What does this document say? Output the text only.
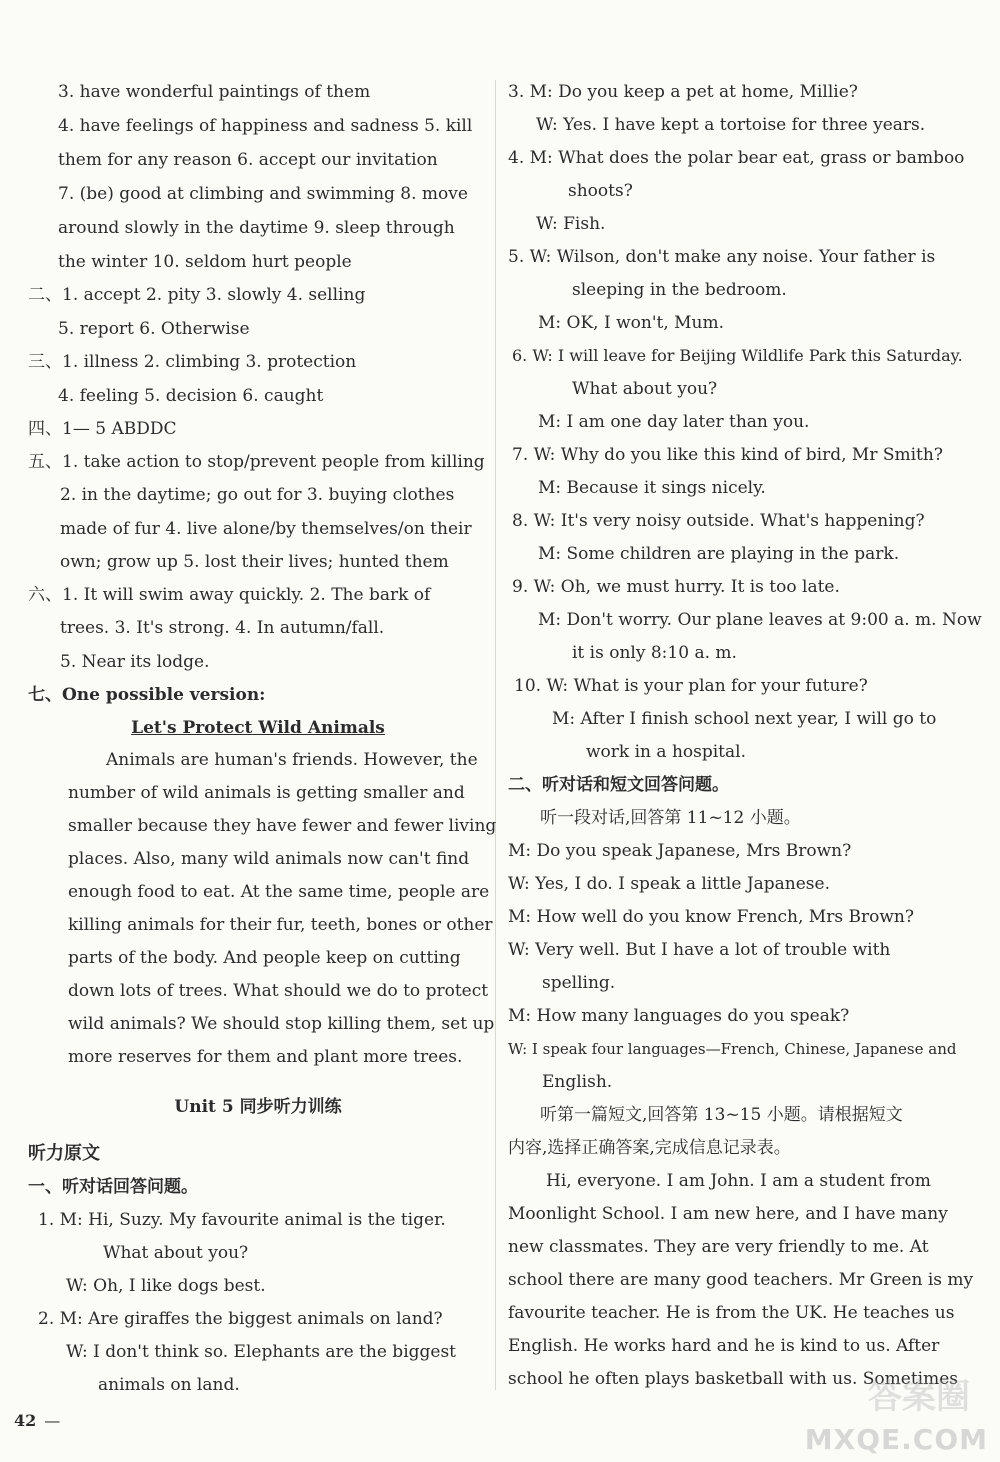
3. have wonderful paintings of them
4. have feelings of happiness and sadness 5. kill
them for any reason 6. accept our invitation
7. (be) good at climbing and swimming 8. move
around slowly in the daytime 9. sleep through
the winter 10. seldom hurt people
二、1. accept 2. pity 3. slowly 4. selling
5. report 6. Otherwise
三、1. illness 2. climbing 3. protection
4. feeling 5. decision 6. caught
四、1— 5 ABDDC
五、1. take action to stop/prevent people from killing
2. in the daytime; go out for 3. buying clothes
made of fur 4. live alone/by themselves/on their
own; grow up 5. lost their lives; hunted them
六、1. It will swim away quickly. 2. The bark of
trees. 3. It's strong. 4. In autumn/fall.
5. Near its lodge.
七、One possible version:
Let's Protect Wild Animals
Animals are human's friends. However, the
number of wild animals is getting smaller and
smaller because they have fewer and fewer living
places. Also, many wild animals now can't find
enough food to eat. At the same time, people are
killing animals for their fur, teeth, bones or other
parts of the body. And people keep on cutting
down lots of trees. What should we do to protect
wild animals? We should stop killing them, set up
more reserves for them and plant more trees.
Unit 5 同步听力训练
听力原文
一、听对话回答问题。
1. M: Hi, Suzy. My favourite animal is the tiger.
What about you?
W: Oh, I like dogs best.
2. M: Are giraffes the biggest animals on land?
W: I don't think so. Elephants are the biggest
animals on land.
3. M: Do you keep a pet at home, Millie?
W: Yes. I have kept a tortoise for three years.
4. M: What does the polar bear eat, grass or bamboo
shoots?
W: Fish.
5. W: Wilson, don't make any noise. Your father is
sleeping in the bedroom.
M: OK, I won't, Mum.
6. W: I will leave for Beijing Wildlife Park this Saturday.
What about you?
M: I am one day later than you.
7. W: Why do you like this kind of bird, Mr Smith?
M: Because it sings nicely.
8. W: It's very noisy outside. What's happening?
M: Some children are playing in the park.
9. W: Oh, we must hurry. It is too late.
M: Don't worry. Our plane leaves at 9:00 a. m. Now
it is only 8:10 a. m.
10. W: What is your plan for your future?
M: After I finish school next year, I will go to
work in a hospital.
二、听对话和短文回答问题。
听一段对话,回答第 11~12 小题。
M: Do you speak Japanese, Mrs Brown?
W: Yes, I do. I speak a little Japanese.
M: How well do you know French, Mrs Brown?
W: Very well. But I have a lot of trouble with
spelling.
M: How many languages do you speak?
W: I speak four languages—French, Chinese, Japanese and
English.
听第一篇短文,回答第 13~15 小题。请根据短文
内容,选择正确答案,完成信息记录表。
Hi, everyone. I am John. I am a student from
Moonlight School. I am new here, and I have many
new classmates. They are very friendly to me. At
school there are many good teachers. Mr Green is my
favourite teacher. He is from the UK. He teaches us
English. He works hard and he is kind to us. After
school he often plays basketball with us. Sometimes
42 —
答案圈
MXQE.COM
